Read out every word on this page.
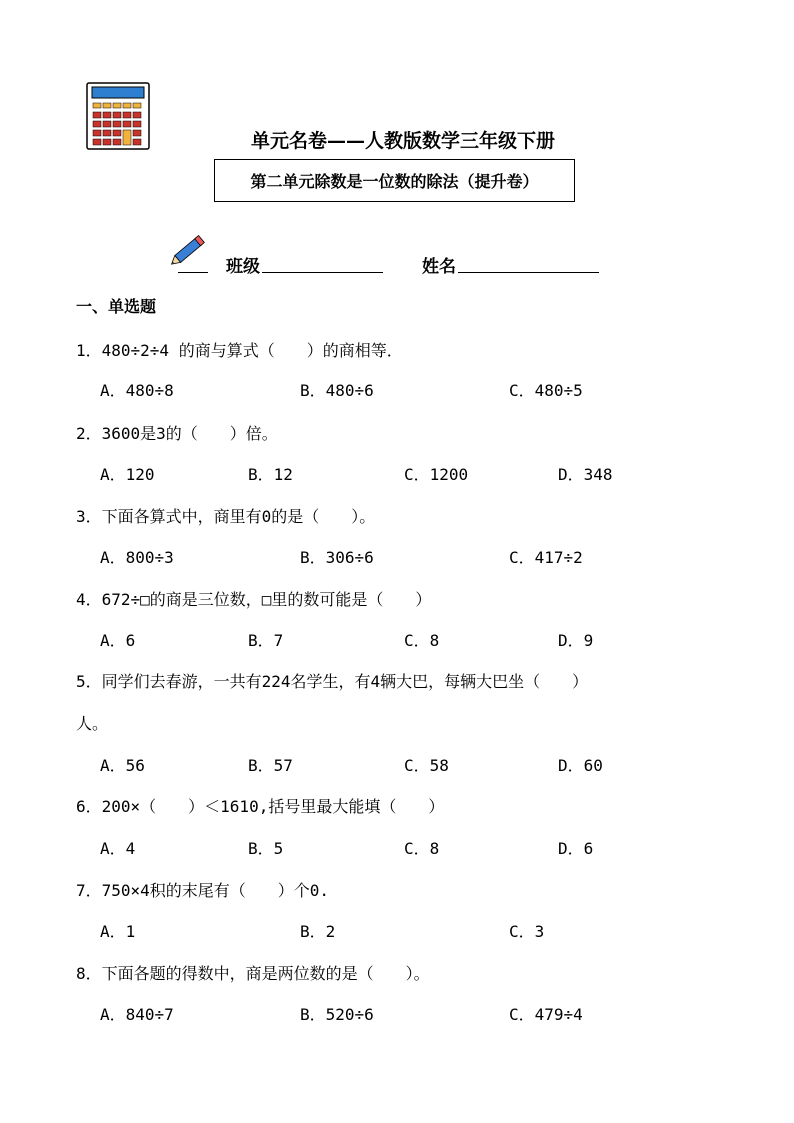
单元名卷——人教版数学三年级下册
第二单元除数是一位数的除法（提升卷）
班级	姓名
一、单选题
1．480÷2÷4 的商与算式（　　）的商相等．
A．480÷8	B．480÷6	C．480÷5
2．3600是3的（　　）倍。
A．120	B．12	C．1200	D．348
3．下面各算式中，商里有0的是（　　）。
A．800÷3	B．306÷6	C．417÷2
4．672÷□的商是三位数，□里的数可能是（　　）
A．6	B．7	C．8	D．9
5．同学们去春游，一共有224名学生，有4辆大巴，每辆大巴坐（　　）
人。
A．56	B．57	C．58	D．60
6．200×（　　）＜1610,括号里最大能填（　　）
A．4	B．5	C．8	D．6
7．750×4积的末尾有（　　）个0.
A．1	B．2	C．3
8．下面各题的得数中，商是两位数的是（　　）。
A．840÷7	B．520÷6	C．479÷4
